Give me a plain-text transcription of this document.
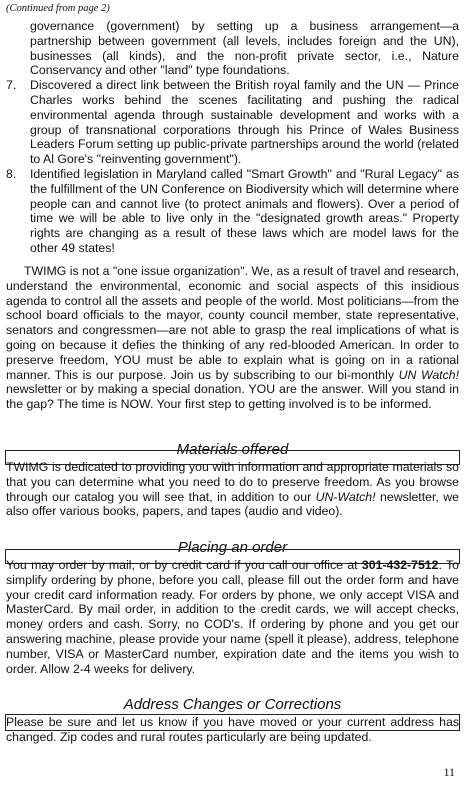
(Continued from page 2)
governance (government) by setting up a business arrangement—a partnership between government (all levels, includes foreign and the UN), businesses (all kinds), and the non-profit private sector, i.e., Nature Conservancy and other "land" type foundations.
7. Discovered a direct link between the British royal family and the UN — Prince Charles works behind the scenes facilitating and pushing the radical environmental agenda through sustainable development and works with a group of transnational corporations through his Prince of Wales Business Leaders Forum setting up public-private partnerships around the world (related to Al Gore's "reinventing government").
8. Identified legislation in Maryland called "Smart Growth" and "Rural Legacy" as the fulfillment of the UN Conference on Biodiversity which will determine where people can and cannot live (to protect animals and flowers). Over a period of time we will be able to live only in the "designated growth areas." Property rights are changing as a result of these laws which are model laws for the other 49 states!

TWIMG is not a "one issue organization". We, as a result of travel and research, understand the environmental, economic and social aspects of this insidious agenda to control all the assets and people of the world. Most politicians—from the school board officials to the mayor, county council member, state representative, senators and congressmen—are not able to grasp the real implications of what is going on because it defies the thinking of any red-blooded American. In order to preserve freedom, YOU must be able to explain what is going on in a rational manner. This is our purpose. Join us by subscribing to our bi-monthly UN Watch! newsletter or by making a special donation. YOU are the answer. Will you stand in the gap? The time is NOW. Your first step to getting involved is to be informed.

Materials offered

TWIMG is dedicated to providing you with information and appropriate materials so that you can determine what you need to do to preserve freedom. As you browse through our catalog you will see that, in addition to our UN-Watch! newsletter, we also offer various books, papers, and tapes (audio and video).

Placing an order

You may order by mail, or by credit card if you call our office at 301-432-7512. To simplify ordering by phone, before you call, please fill out the order form and have your credit card information ready. For orders by phone, we only accept VISA and MasterCard. By mail order, in addition to the credit cards, we will accept checks, money orders and cash. Sorry, no COD's. If ordering by phone and you get our answering machine, please provide your name (spell it please), address, telephone number, VISA or MasterCard number, expiration date and the items you wish to order. Allow 2-4 weeks for delivery.

Address Changes or Corrections

Please be sure and let us know if you have moved or your current address has changed. Zip codes and rural routes particularly are being updated.

11
